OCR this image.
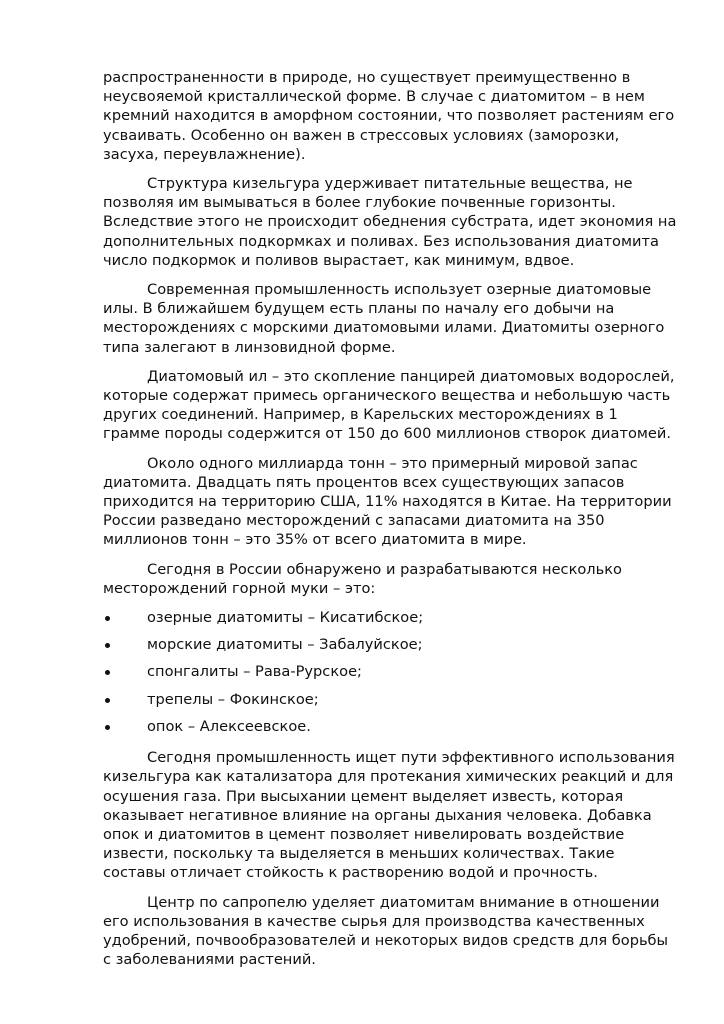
распространенности в природе, но существует преимущественно в неусвояемой кристаллической форме. В случае с диатомитом – в нем кремний находится в аморфном состоянии, что позволяет растениям его усваивать. Особенно он важен в стрессовых условиях (заморозки, засуха, переувлажнение).

Структура кизельгура удерживает питательные вещества, не позволяя им вымываться в более глубокие почвенные горизонты. Вследствие этого не происходит обеднения субстрата, идет экономия на дополнительных подкормках и поливах. Без использования диатомита число подкормок и поливов вырастает, как минимум, вдвое.

Современная промышленность использует озерные диатомовые илы. В ближайшем будущем есть планы по началу его добычи на месторождениях с морскими диатомовыми илами. Диатомиты озерного типа залегают в линзовидной форме.

Диатомовый ил – это скопление панцирей диатомовых водорослей, которые содержат примесь органического вещества и небольшую часть других соединений. Например, в Карельских месторождениях в 1 грамме породы содержится от 150 до 600 миллионов створок диатомей.

Около одного миллиарда тонн – это примерный мировой запас диатомита. Двадцать пять процентов всех существующих запасов приходится на территорию США, 11% находятся в Китае. На территории России разведано месторождений с запасами диатомита на 350 миллионов тонн – это 35% от всего диатомита в мире.

Сегодня в России обнаружено и разрабатываются несколько месторождений горной муки – это:

озерные диатомиты – Кисатибское;
морские диатомиты – Забалуйское;
спонгалиты – Рава-Рурское;
трепелы – Фокинское;
опок – Алексеевское.

Сегодня промышленность ищет пути эффективного использования кизельгура как катализатора для протекания химических реакций и для осушения газа. При высыхании цемент выделяет известь, которая оказывает негативное влияние на органы дыхания человека. Добавка опок и диатомитов в цемент позволяет нивелировать воздействие извести, поскольку та выделяется в меньших количествах. Такие составы отличает стойкость к растворению водой и прочность.

Центр по сапропелю уделяет диатомитам внимание в отношении его использования в качестве сырья для производства качественных удобрений, почвообразователей и некоторых видов средств для борьбы с заболеваниями растений.
